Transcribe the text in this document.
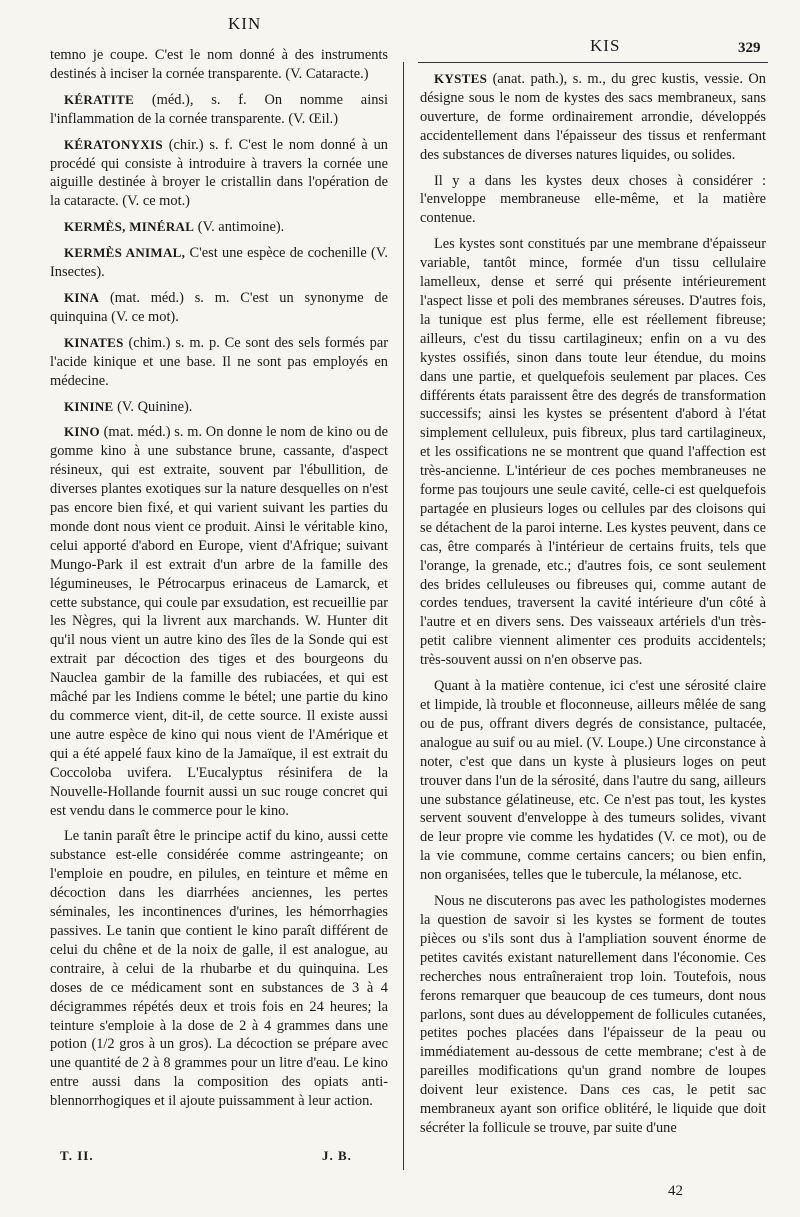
KIN
KIS	329

temno je coupe. C'est le nom donné à des instruments destinés à inciser la cornée transparente. (V. Cataracte.)

KÉRATITE (méd.), s. f. On nomme ainsi l'inflammation de la cornée transparente. (V. Œil.)

KÉRATONYXIS (chir.) s. f. C'est le nom donné à un procédé qui consiste à introduire à travers la cornée une aiguille destinée à broyer le cristallin dans l'opération de la cataracte. (V. ce mot.)

KERMÈS, MINÉRAL (V. antimoine).

KERMÈS ANIMAL, C'est une espèce de cochenille (V. Insectes).

KINA (mat. méd.) s. m. C'est un synonyme de quinquina (V. ce mot).

KINATES (chim.) s. m. p. Ce sont des sels formés par l'acide kinique et une base. Il ne sont pas employés en médecine.

KININE (V. Quinine).

KINO (mat. méd.) s. m. On donne le nom de kino ou de gomme kino à une substance brune, cassante, d'aspect résineux, qui est extraite, souvent par l'ébullition, de diverses plantes exotiques sur la nature desquelles on n'est pas encore bien fixé, et qui varient suivant les parties du monde dont nous vient ce produit. Ainsi le véritable kino, celui apporté d'abord en Europe, vient d'Afrique; suivant Mungo-Park il est extrait d'un arbre de la famille des légumineuses, le Pétrocarpus erinaceus de Lamarck, et cette substance, qui coule par exsudation, est recueillie par les Nègres, qui la livrent aux marchands. W. Hunter dit qu'il nous vient un autre kino des îles de la Sonde qui est extrait par décoction des tiges et des bourgeons du Nauclea gambir de la famille des rubiacées, et qui est mâché par les Indiens comme le bétel; une partie du kino du commerce vient, dit-il, de cette source. Il existe aussi une autre espèce de kino qui nous vient de l'Amérique et qui a été appelé faux kino de la Jamaïque, il est extrait du Coccoloba uvifera. L'Eucalyptus résinifera de la Nouvelle-Hollande fournit aussi un suc rouge concret qui est vendu dans le commerce pour le kino.

Le tanin paraît être le principe actif du kino, aussi cette substance est-elle considérée comme astringeante; on l'emploie en poudre, en pilules, en teinture et même en décoction dans les diarrhées anciennes, les pertes séminales, les incontinences d'urines, les hémorrhagies passives. Le tanin que contient le kino paraît différent de celui du chêne et de la noix de galle, il est analogue, au contraire, à celui de la rhubarbe et du quinquina. Les doses de ce médicament sont en substances de 3 à 4 décigrammes répétés deux et trois fois en 24 heures; la teinture s'emploie à la dose de 2 à 4 grammes dans une potion (1/2 gros à un gros). La décoction se prépare avec une quantité de 2 à 8 grammes pour un litre d'eau. Le kino entre aussi dans la composition des opiats anti-blennorrhogiques et il ajoute puissamment à leur action.

KYSTES (anat. path.), s. m., du grec kustis, vessie. On désigne sous le nom de kystes des sacs membraneux, sans ouverture, de forme ordinairement arrondie, développés accidentellement dans l'épaisseur des tissus et renfermant des substances de diverses natures liquides, ou solides.

Il y a dans les kystes deux choses à considérer : l'enveloppe membraneuse elle-même, et la matière contenue.

Les kystes sont constitués par une membrane d'épaisseur variable, tantôt mince, formée d'un tissu cellulaire lamelleux, dense et serré qui présente intérieurement l'aspect lisse et poli des membranes séreuses. D'autres fois, la tunique est plus ferme, elle est réellement fibreuse; ailleurs, c'est du tissu cartilagineux; enfin on a vu des kystes ossifiés, sinon dans toute leur étendue, du moins dans une partie, et quelquefois seulement par places. Ces différents états paraissent être des degrés de transformation successifs; ainsi les kystes se présentent d'abord à l'état simplement celluleux, puis fibreux, plus tard cartilagineux, et les ossifications ne se montrent que quand l'affection est très-ancienne. L'intérieur de ces poches membraneuses ne forme pas toujours une seule cavité, celle-ci est quelquefois partagée en plusieurs loges ou cellules par des cloisons qui se détachent de la paroi interne. Les kystes peuvent, dans ce cas, être comparés à l'intérieur de certains fruits, tels que l'orange, la grenade, etc.; d'autres fois, ce sont seulement des brides celluleuses ou fibreuses qui, comme autant de cordes tendues, traversent la cavité intérieure d'un côté à l'autre et en divers sens. Des vaisseaux artériels d'un très-petit calibre viennent alimenter ces produits accidentels; très-souvent aussi on n'en observe pas.

Quant à la matière contenue, ici c'est une sérosité claire et limpide, là trouble et floconneuse, ailleurs mêlée de sang ou de pus, offrant divers degrés de consistance, pultacée, analogue au suif ou au miel. (V. Loupe.) Une circonstance à noter, c'est que dans un kyste à plusieurs loges on peut trouver dans l'un de la sérosité, dans l'autre du sang, ailleurs une substance gélatineuse, etc. Ce n'est pas tout, les kystes servent souvent d'enveloppe à des tumeurs solides, vivant de leur propre vie comme les hydatides (V. ce mot), ou de la vie commune, comme certains cancers; ou bien enfin, non organisées, telles que le tubercule, la mélanose, etc.

Nous ne discuterons pas avec les pathologistes modernes la question de savoir si les kystes se forment de toutes pièces ou s'ils sont dus à l'ampliation souvent énorme de petites cavités existant naturellement dans l'économie. Ces recherches nous entraîneraient trop loin. Toutefois, nous ferons remarquer que beaucoup de ces tumeurs, dont nous parlons, sont dues au développement de follicules cutanées, petites poches placées dans l'épaisseur de la peau ou immédiatement au-dessous de cette membrane; c'est à de pareilles modifications qu'un grand nombre de loupes doivent leur existence. Dans ces cas, le petit sac membraneux ayant son orifice oblitéré, le liquide que doit sécréter la follicule se trouve, par suite d'une

T. II.	J. B.
42
